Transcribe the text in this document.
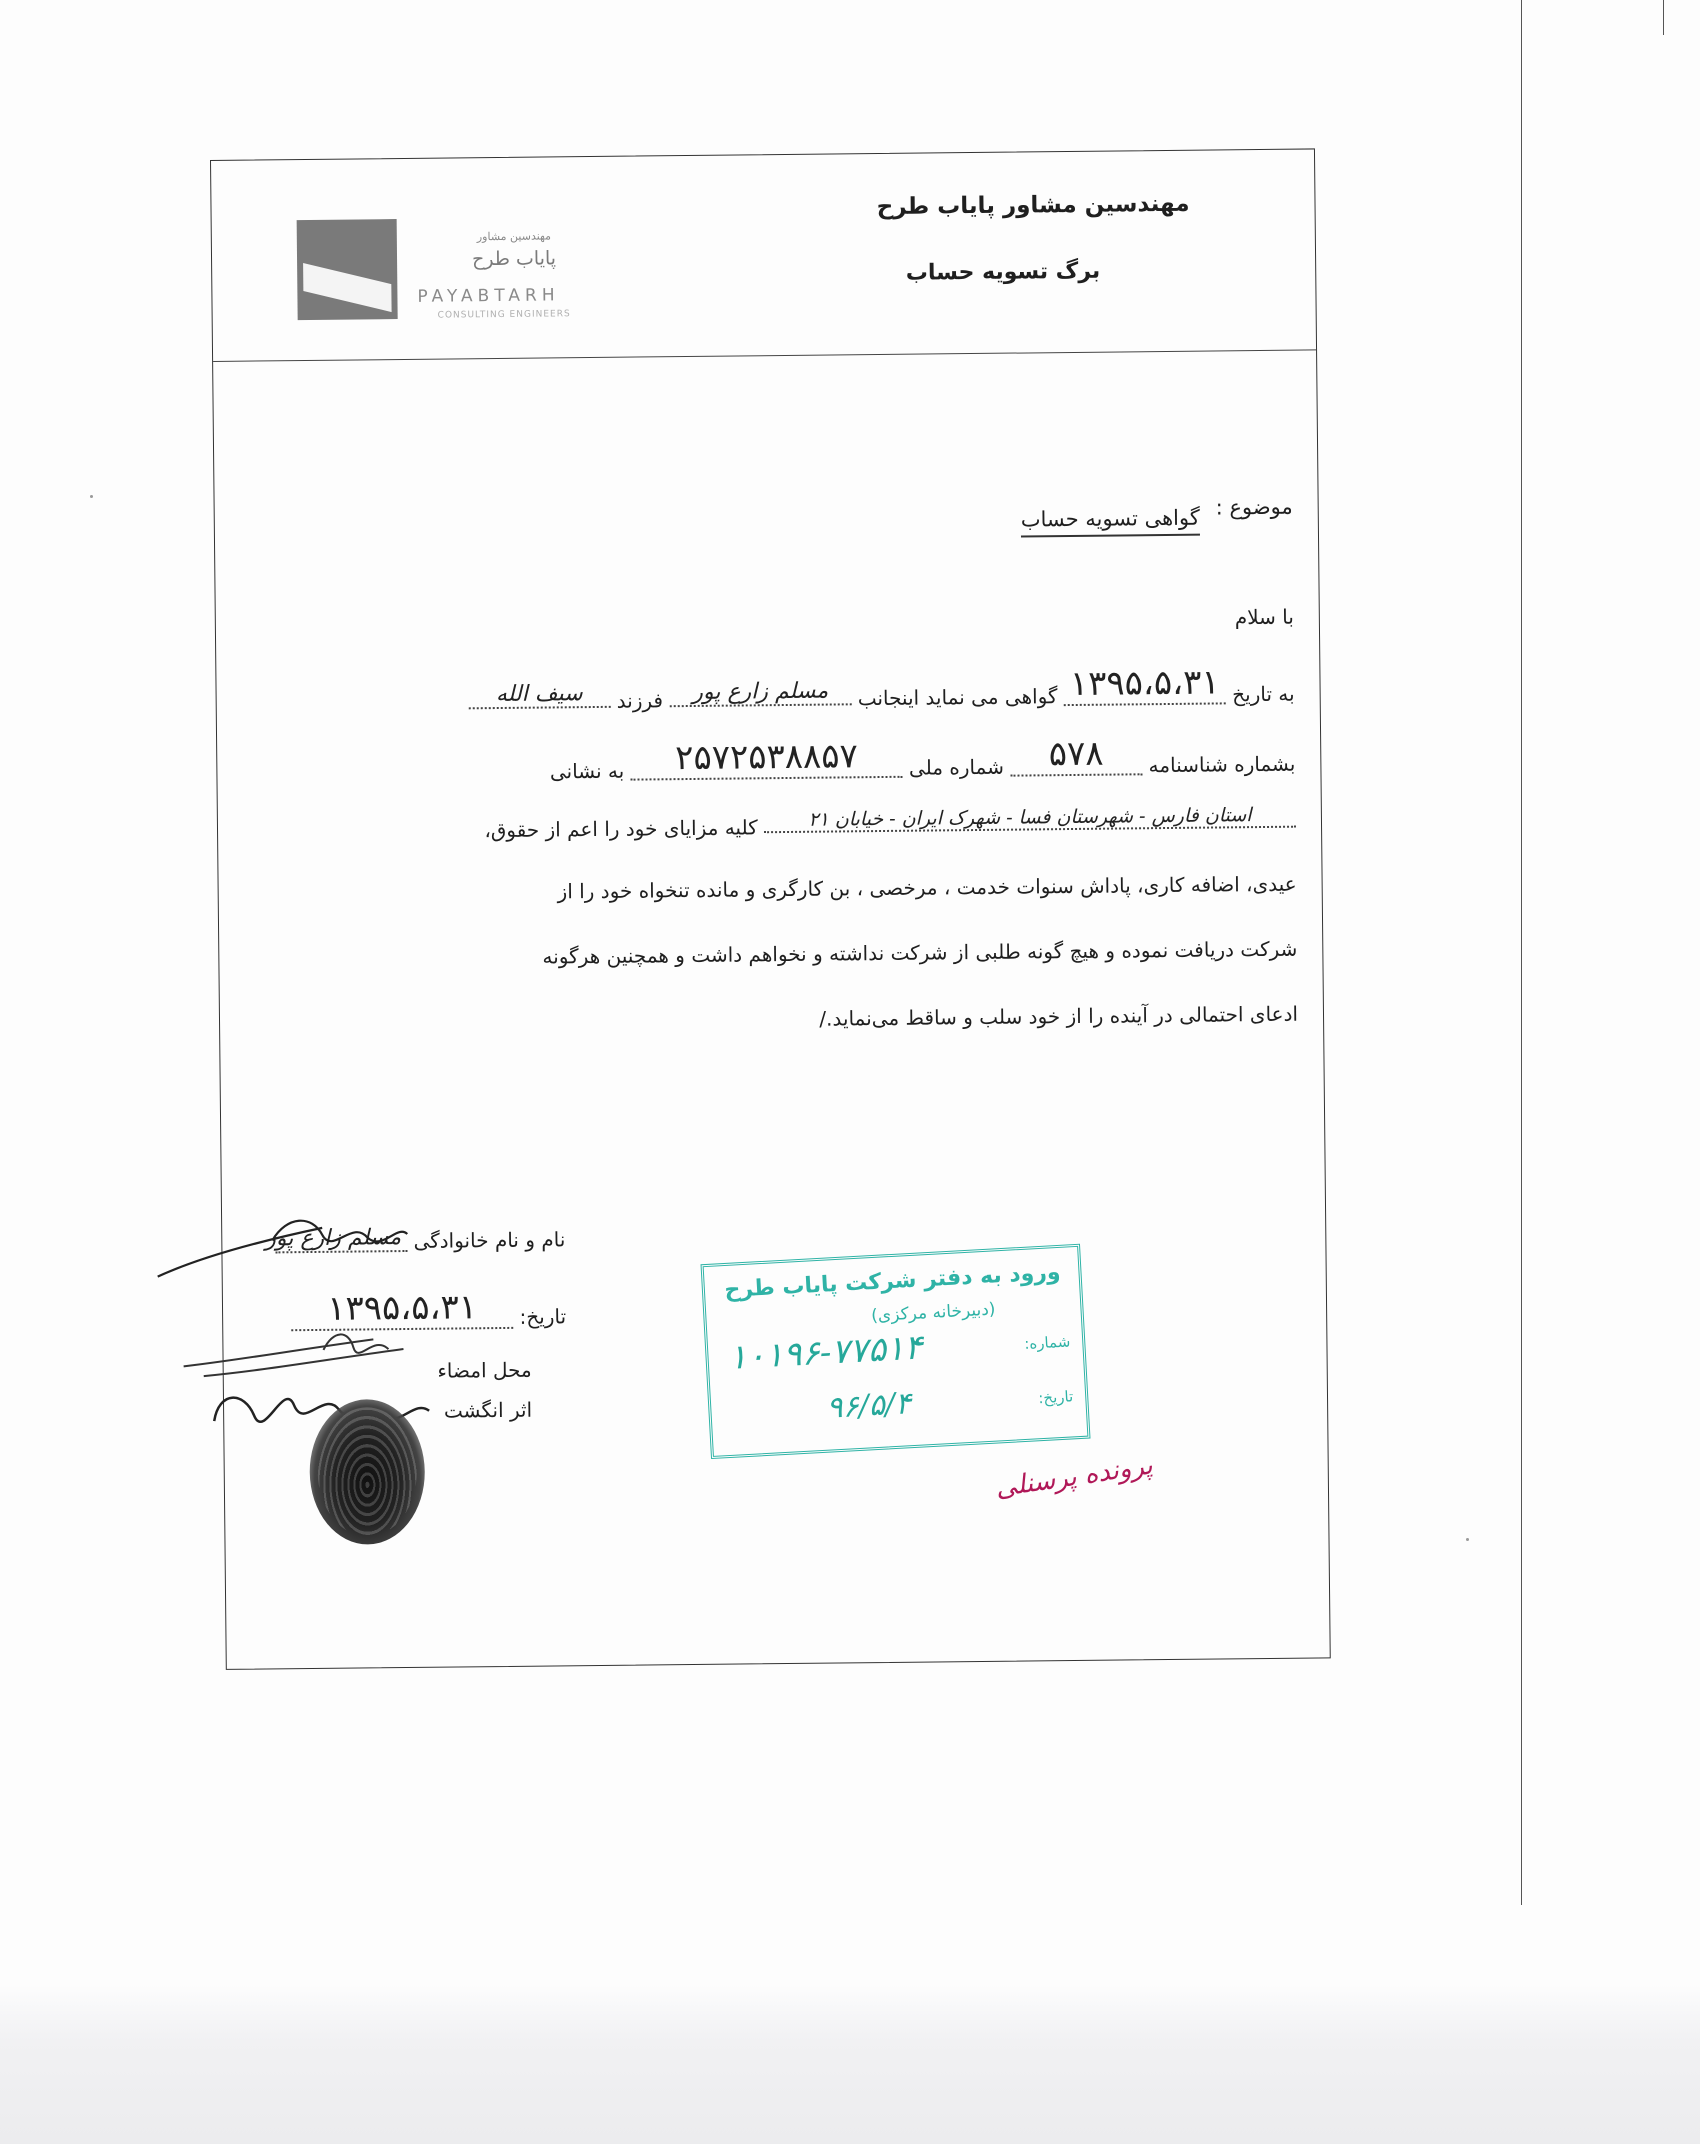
مهندسین مشاور
پایاب طرح
PAYABTARH
CONSULTING ENGINEERS
مهندسین مشاور پایاب طرح
برگ تسویه حساب
موضوع :
گواهی تسویه حساب
با سلام
به تاریخ ۱۳۹۵،۵،۳۱ گواهی می نماید اینجانب مسلم زارع پور فرزند سیف الله
بشماره شناسنامه ۵۷۸ شماره ملی ۲۵۷۲۵۳۸۸۵۷ به نشانی
استان فارس - شهرستان فسا - شهرک ایران - خیابان ۲۱ کلیه مزایای خود را اعم از حقوق،
عیدی، اضافه کاری، پاداش سنوات خدمت ، مرخصی ، بن کارگری و مانده تنخواه خود را از
شرکت دریافت نموده و هیچ گونه طلبی از شرکت نداشته و نخواهم داشت و همچنین هرگونه
ادعای احتمالی در آینده را از خود سلب و ساقط می‌نماید./
نام و نام خانوادگی مسلم زارع پور
تاریخ: ۱۳۹۵،۵،۳۱
محل امضاء
اثر انگشت
ورود به دفتر شرکت پایاب طرح
(دبیرخانه مرکزی)
شماره:
۱۰۱۹۶-۷۷۵۱۴
تاریخ:
۹۶/۵/۴
پرونده پرسنلی
